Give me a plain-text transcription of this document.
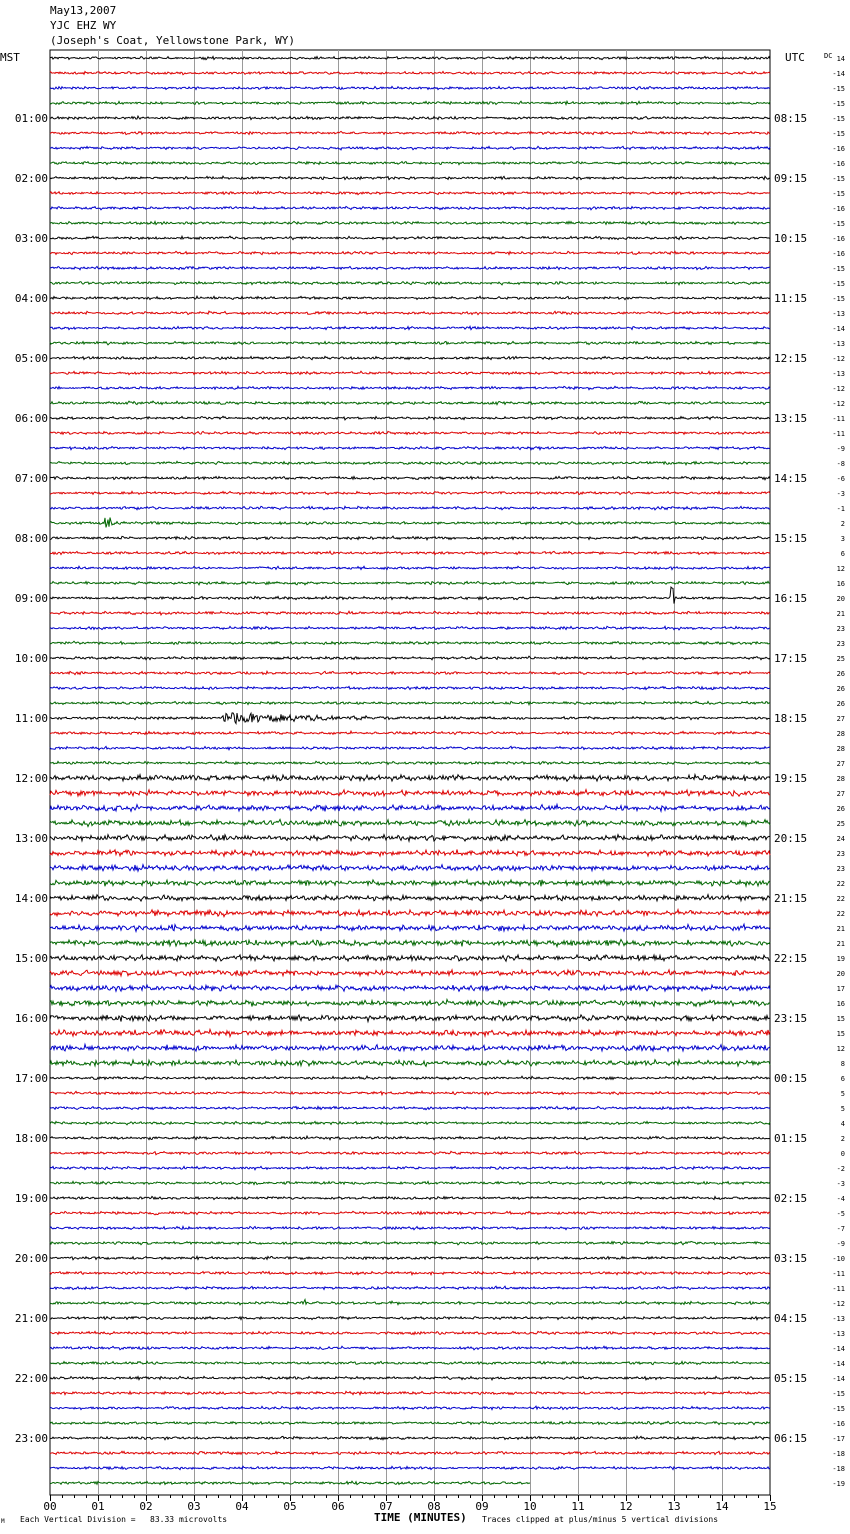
May13,2007
YJC EHZ WY
(Joseph's Coat, Yellowstone Park, WY)
MST	UTC	DC
01:00
02:00
03:00
04:00
05:00
06:00
07:00
08:00
09:00
10:00
11:00
12:00
13:00
14:00
15:00
16:00
17:00
18:00
19:00
20:00
21:00
22:00
23:00
08:15
09:15
10:15
11:15
12:15
13:15
14:15
15:15
16:15
17:15
18:15
19:15
20:15
21:15
22:15
23:15
00:15
01:15
02:15
03:15
04:15
05:15
06:15
14
-14
-15
-15
-15
-15
-16
-16
-15
-15
-16
-15
-16
-16
-15
-15
-15
-13
-14
-13
-12
-13
-12
-12
-11
-11
-9
-8
-6
-3
-1
2
3
6
12
16
20
21
23
23
25
26
26
26
27
28
28
27
28
27
26
25
24
23
23
22
22
22
21
21
19
20
17
16
15
15
12
8
6
5
5
4
2
0
-2
-3
-4
-5
-7
-9
-10
-11
-11
-12
-13
-13
-14
-14
-14
-15
-15
-16
-17
-18
-18
-19
00	01	02	03	04	05	06	07	08	09	10	11	12	13	14	15
M Each Vertical Division =   83.33 microvolts	TIME (MINUTES) Traces clipped at plus/minus 5 vertical divisions
